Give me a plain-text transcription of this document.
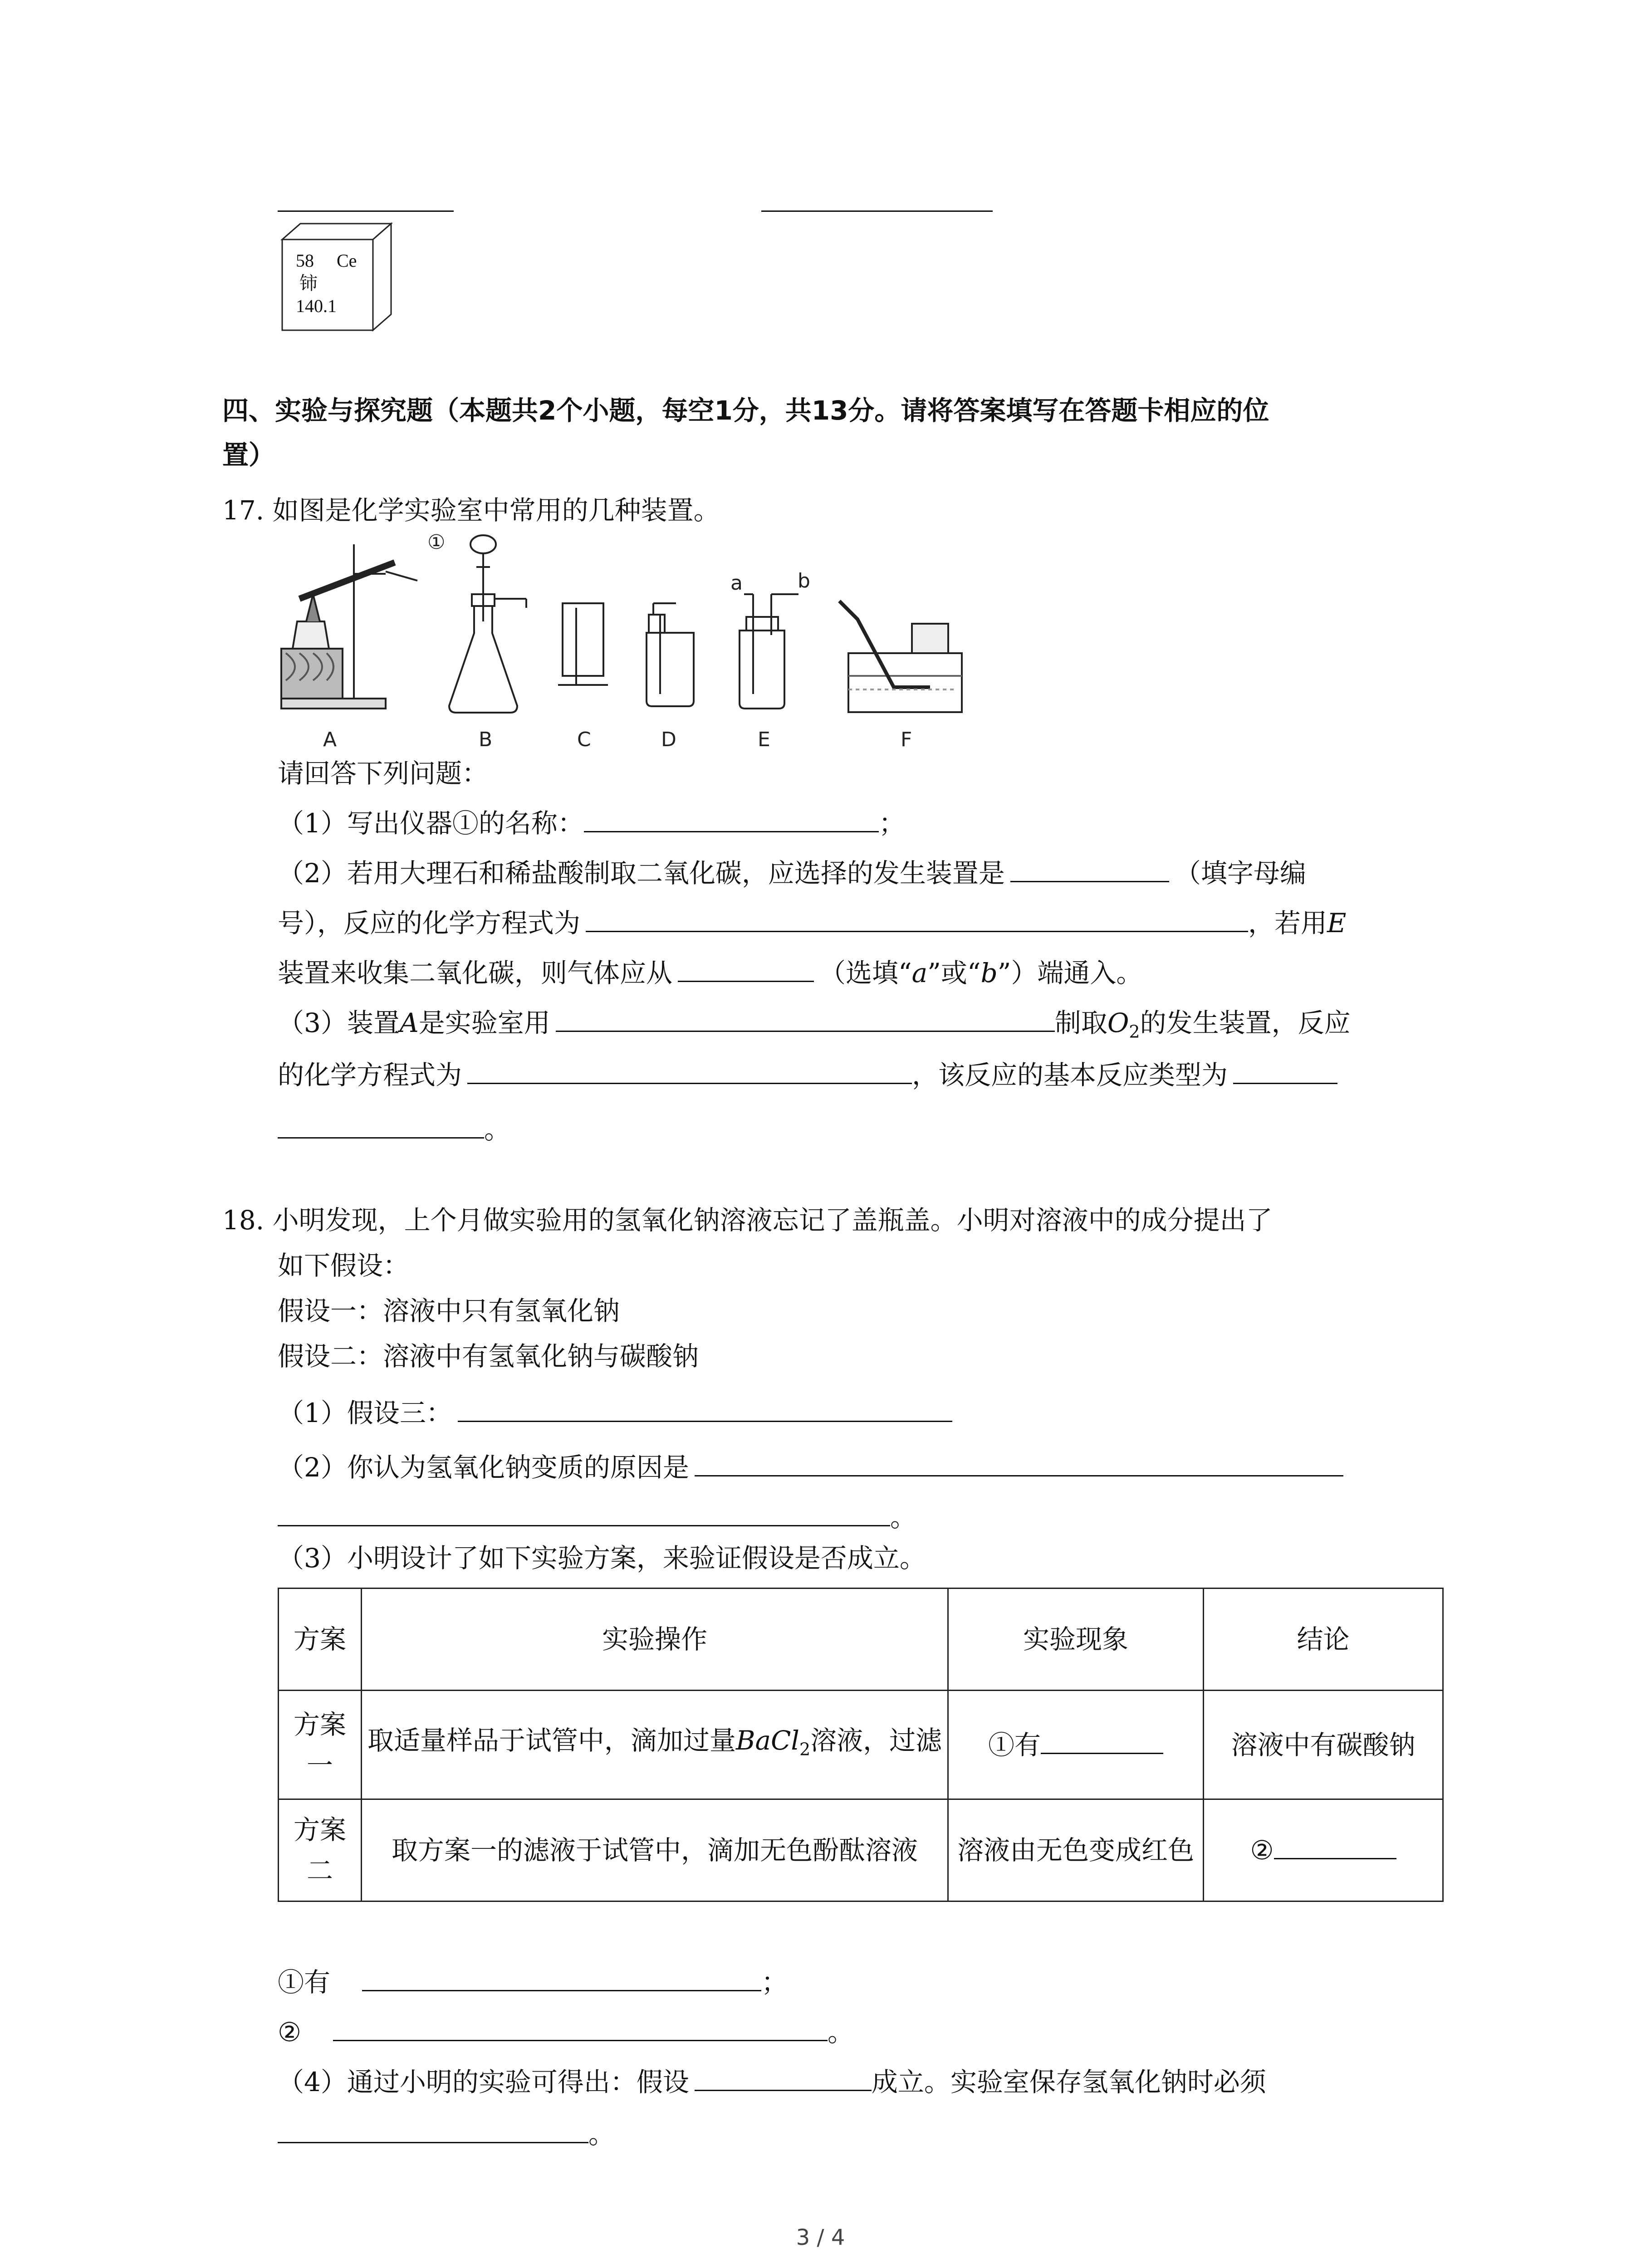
58 Ce
铈
140.1
四、实验与探究题（本题共2个小题，每空1分，共13分。请将答案填写在答题卡相应的位
置）
17. 如图是化学实验室中常用的几种装置。
A	B
①
C	D
a	b
E	F
请回答下列问题：
（1）写出仪器①的名称：	；
（2）若用大理石和稀盐酸制取二氧化碳，应选择的发生装置是	（填字母编
号），反应的化学方程式为	，若用E
装置来收集二氧化碳，则气体应从	（选填“a”或“b”）端通入。
（3）装置A是实验室用	制取$O_2$的发生装置，反应
的化学方程式为	，该反应的基本反应类型为
。
18. 小明发现，上个月做实验用的氢氧化钠溶液忘记了盖瓶盖。小明对溶液中的成分提出了
如下假设：
假设一：溶液中只有氢氧化钠
假设二：溶液中有氢氧化钠与碳酸钠
（1）假设三：
（2）你认为氢氧化钠变质的原因是
。
（3）小明设计了如下实验方案，来验证假设是否成立。
方案	实验操作	实验现象	结论
方案一	取适量样品于试管中，滴加过量BaCl$_2$溶液，过滤	①有	溶液中有碳酸钠
方案二	取方案一的滤液于试管中，滴加无色酚酞溶液	溶液由无色变成红色	②
①有	；
②	。
（4）通过小明的实验可得出：假设	成立。实验室保存氢氧化钠时必须
。
3 / 4
